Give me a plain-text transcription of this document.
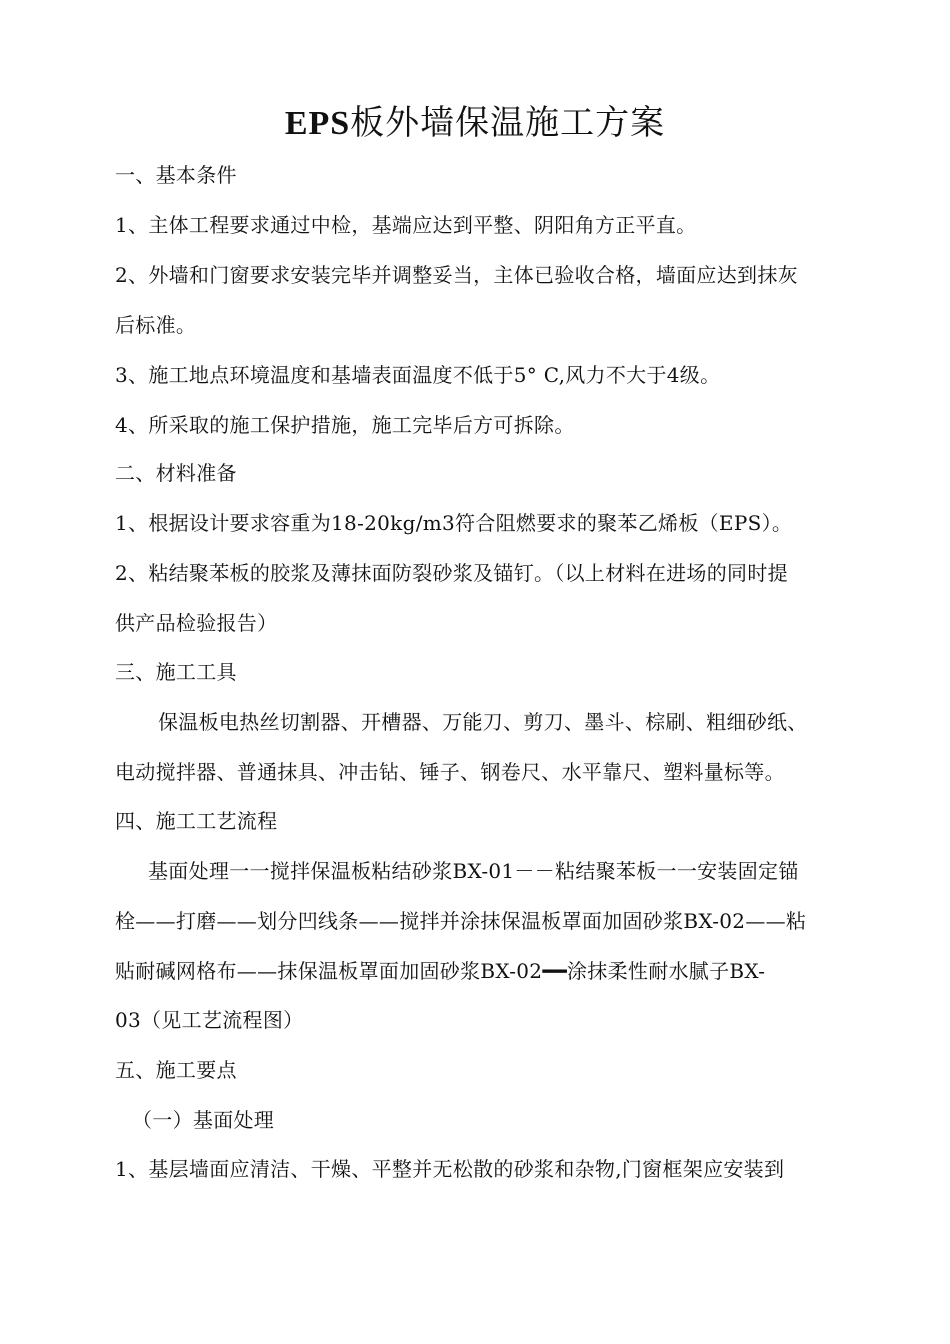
EPS板外墙保温施工方案
一、基本条件
1、主体工程要求通过中检，基端应达到平整、阴阳角方正平直。
2、外墙和门窗要求安装完毕并调整妥当，主体已验收合格，墙面应达到抹灰
后标准。
3、施工地点环境温度和基墙表面温度不低于5° C,风力不大于4级。
4、所采取的施工保护措施，施工完毕后方可拆除。
二、材料准备
1、根据设计要求容重为18-20kg/m3符合阻燃要求的聚苯乙烯板（EPS）。
2、粘结聚苯板的胶浆及薄抹面防裂砂浆及锚钉。（以上材料在进场的同时提
供产品检验报告）
三、施工工具
保温板电热丝切割器、开槽器、万能刀、剪刀、墨斗、棕刷、粗细砂纸、
电动搅拌器、普通抹具、冲击钻、锤子、钢卷尺、水平靠尺、塑料量标等。
四、施工工艺流程
基面处理一一搅拌保温板粘结砂浆BX-01－－粘结聚苯板一一安装固定锚
栓——打磨——划分凹线条——搅拌并涂抹保温板罩面加固砂浆BX-02——粘
贴耐碱网格布——抹保温板罩面加固砂浆BX-02━━涂抹柔性耐水腻子BX-
03（见工艺流程图）
五、施工要点
（一）基面处理
1、基层墙面应清洁、干燥、平整并无松散的砂浆和杂物,门窗框架应安装到
